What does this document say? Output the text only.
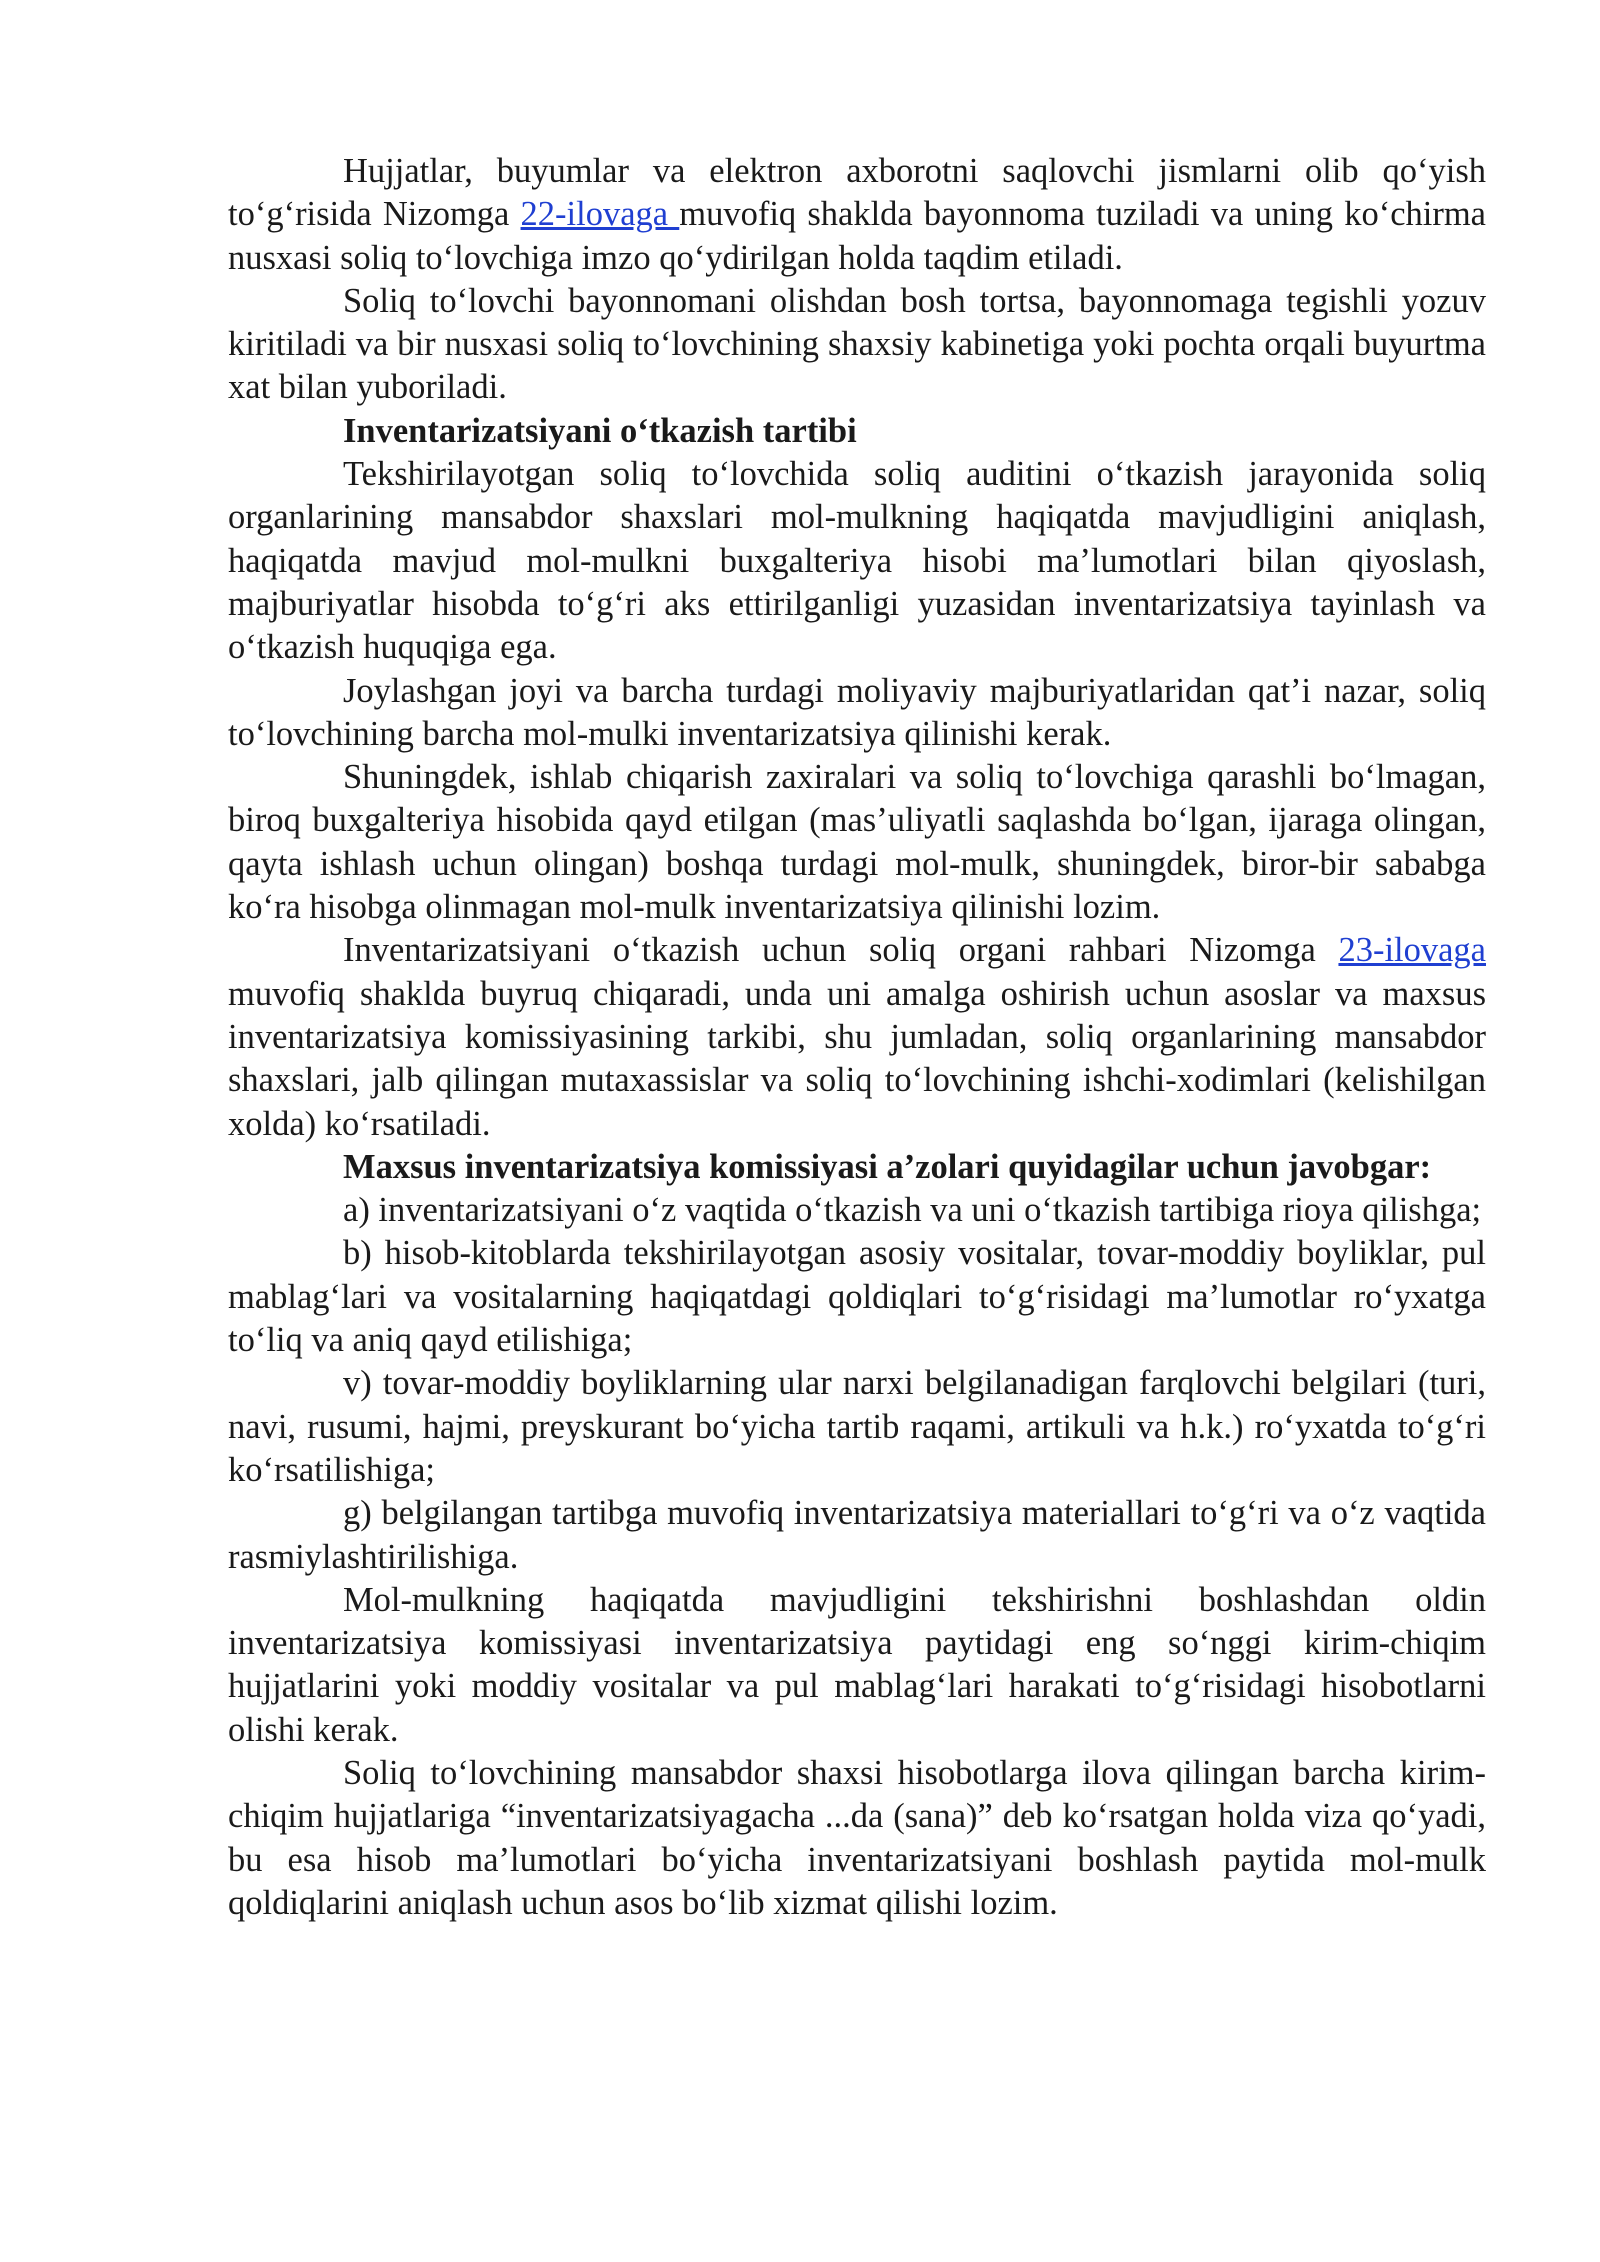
Hujjatlar, buyumlar va elektron axborotni saqlovchi jismlarni olib qo‘yish to‘g‘risida Nizomga 22-ilovaga muvofiq shaklda bayonnoma tuziladi va uning ko‘chirma nusxasi soliq to‘lovchiga imzo qo‘ydirilgan holda taqdim etiladi.

Soliq to‘lovchi bayonnomani olishdan bosh tortsa, bayonnomaga tegishli yozuv kiritiladi va bir nusxasi soliq to‘lovchining shaxsiy kabinetiga yoki pochta orqali buyurtma xat bilan yuboriladi.

Inventarizatsiyani o‘tkazish tartibi

Tekshirilayotgan soliq to‘lovchida soliq auditini o‘tkazish jarayonida soliq organlarining mansabdor shaxslari mol-mulkning haqiqatda mavjudligini aniqlash, haqiqatda mavjud mol-mulkni buxgalteriya hisobi ma’lumotlari bilan qiyoslash, majburiyatlar hisobda to‘g‘ri aks ettirilganligi yuzasidan inventarizatsiya tayinlash va o‘tkazish huquqiga ega.

Joylashgan joyi va barcha turdagi moliyaviy majburiyatlaridan qat’i nazar, soliq to‘lovchining barcha mol-mulki inventarizatsiya qilinishi kerak.

Shuningdek, ishlab chiqarish zaxiralari va soliq to‘lovchiga qarashli bo‘lmagan, biroq buxgalteriya hisobida qayd etilgan (mas’uliyatli saqlashda bo‘lgan, ijaraga olingan, qayta ishlash uchun olingan) boshqa turdagi mol-mulk, shuningdek, biror-bir sababga ko‘ra hisobga olinmagan mol-mulk inventarizatsiya qilinishi lozim.

Inventarizatsiyani o‘tkazish uchun soliq organi rahbari Nizomga 23-ilovaga muvofiq shaklda buyruq chiqaradi, unda uni amalga oshirish uchun asoslar va maxsus inventarizatsiya komissiyasining tarkibi, shu jumladan, soliq organlarining mansabdor shaxslari, jalb qilingan mutaxassislar va soliq to‘lovchining ishchi-xodimlari (kelishilgan xolda) ko‘rsatiladi.

Maxsus inventarizatsiya komissiyasi a’zolari quyidagilar uchun javobgar:

a) inventarizatsiyani o‘z vaqtida o‘tkazish va uni o‘tkazish tartibiga rioya qilishga;

b) hisob-kitoblarda tekshirilayotgan asosiy vositalar, tovar-moddiy boyliklar, pul mablag‘lari va vositalarning haqiqatdagi qoldiqlari to‘g‘risidagi ma’lumotlar ro‘yxatga to‘liq va aniq qayd etilishiga;

v) tovar-moddiy boyliklarning ular narxi belgilanadigan farqlovchi belgilari (turi, navi, rusumi, hajmi, preyskurant bo‘yicha tartib raqami, artikuli va h.k.) ro‘yxatda to‘g‘ri ko‘rsatilishiga;

g) belgilangan tartibga muvofiq inventarizatsiya materiallari to‘g‘ri va o‘z vaqtida rasmiylashtirilishiga.

Mol-mulkning haqiqatda mavjudligini tekshirishni boshlashdan oldin inventarizatsiya komissiyasi inventarizatsiya paytidagi eng so‘nggi kirim-chiqim hujjatlarini yoki moddiy vositalar va pul mablag‘lari harakati to‘g‘risidagi hisobotlarni olishi kerak.

Soliq to‘lovchining mansabdor shaxsi hisobotlarga ilova qilingan barcha kirim-chiqim hujjatlariga “inventarizatsiyagacha ...da (sana)” deb ko‘rsatgan holda viza qo‘yadi, bu esa hisob ma’lumotlari bo‘yicha inventarizatsiyani boshlash paytida mol-mulk qoldiqlarini aniqlash uchun asos bo‘lib xizmat qilishi lozim.
